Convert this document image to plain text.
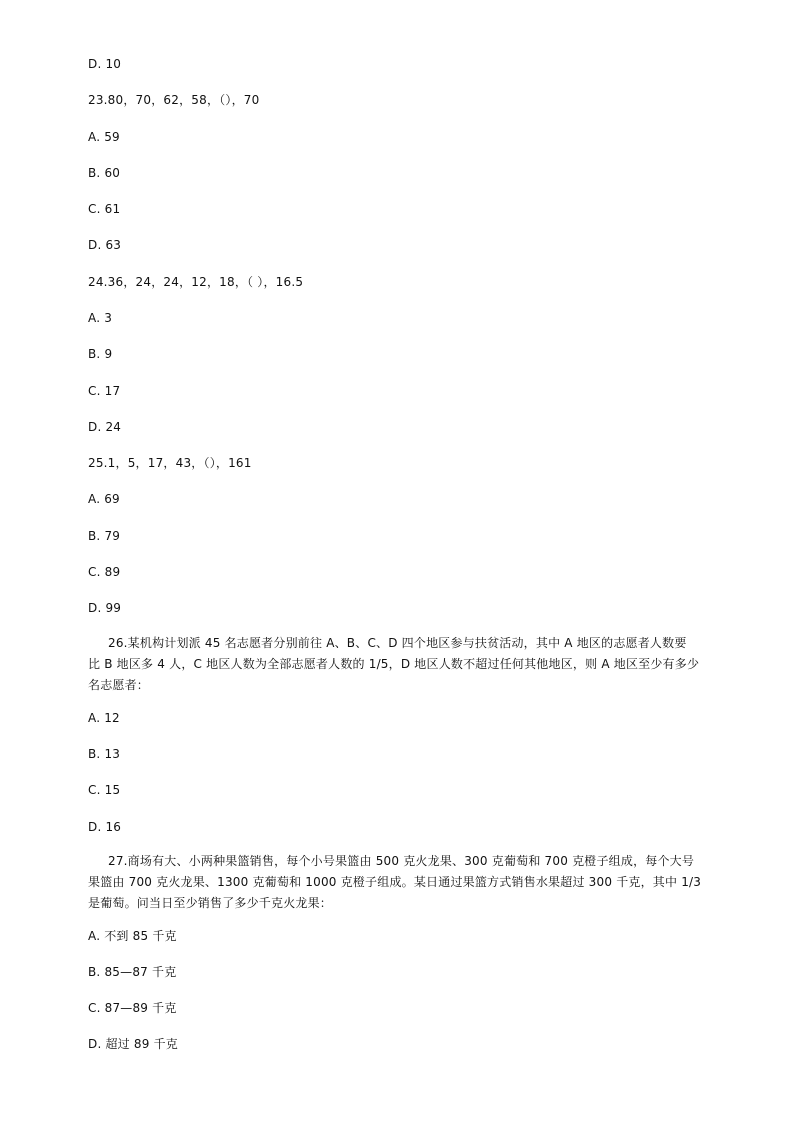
D. 10
23.80，70，62，58，（），70
A. 59
B. 60
C. 61
D. 63
24.36，24，24，12，18，（ ），16.5
A. 3
B. 9
C. 17
D. 24
25.1，5，17，43，（），161
A. 69
B. 79
C. 89
D. 99
26.某机构计划派 45 名志愿者分别前往 A、B、C、D 四个地区参与扶贫活动，其中 A 地区的志愿者人数要
比 B 地区多 4 人，C 地区人数为全部志愿者人数的 1/5，D 地区人数不超过任何其他地区，则 A 地区至少有多少
名志愿者：
A. 12
B. 13
C. 15
D. 16
27.商场有大、小两种果篮销售，每个小号果篮由 500 克火龙果、300 克葡萄和 700 克橙子组成，每个大号
果篮由 700 克火龙果、1300 克葡萄和 1000 克橙子组成。某日通过果篮方式销售水果超过 300 千克，其中 1/3
是葡萄。问当日至少销售了多少千克火龙果：
A. 不到 85 千克
B. 85—87 千克
C. 87—89 千克
D. 超过 89 千克
